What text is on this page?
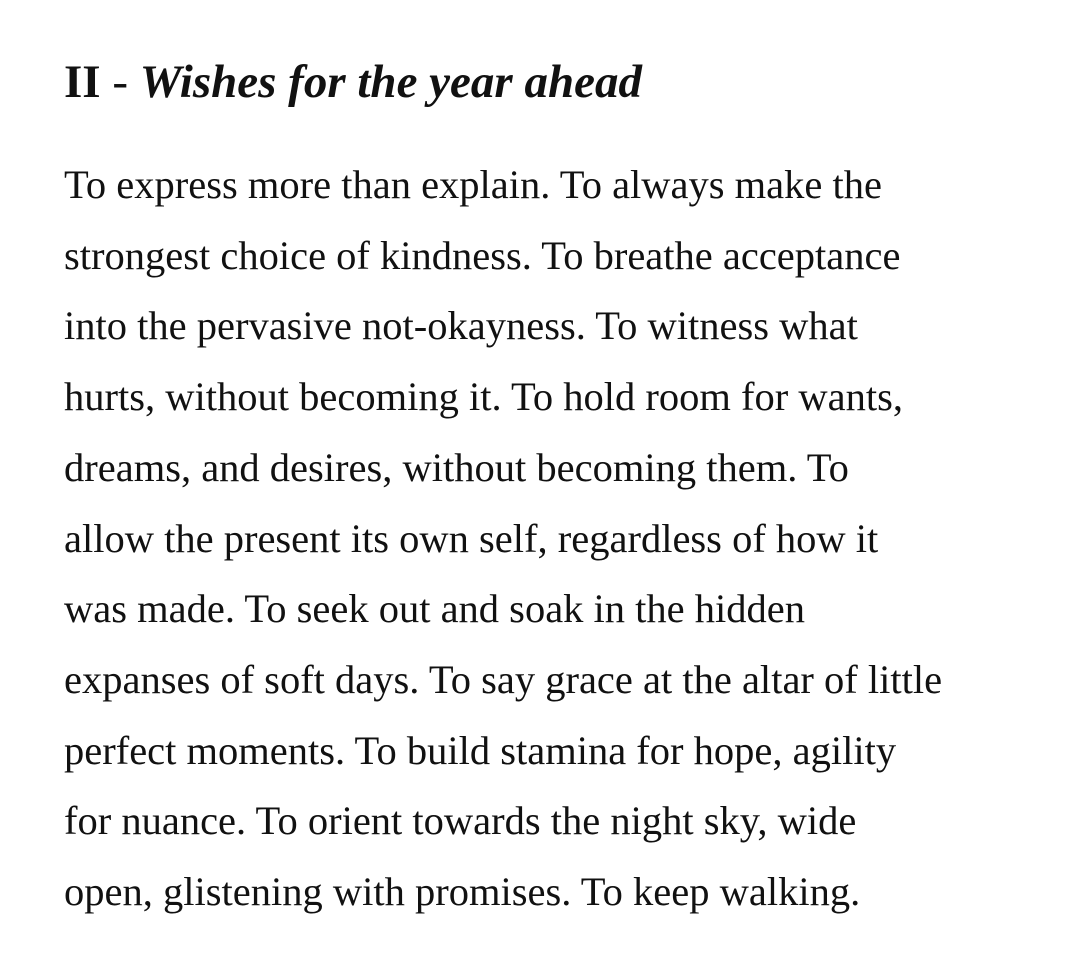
II - Wishes for the year ahead
To express more than explain. To always make the
strongest choice of kindness. To breathe acceptance
into the pervasive not-okayness. To witness what
hurts, without becoming it. To hold room for wants,
dreams, and desires, without becoming them. To
allow the present its own self, regardless of how it
was made. To seek out and soak in the hidden
expanses of soft days. To say grace at the altar of little
perfect moments. To build stamina for hope, agility
for nuance. To orient towards the night sky, wide
open, glistening with promises. To keep walking.
